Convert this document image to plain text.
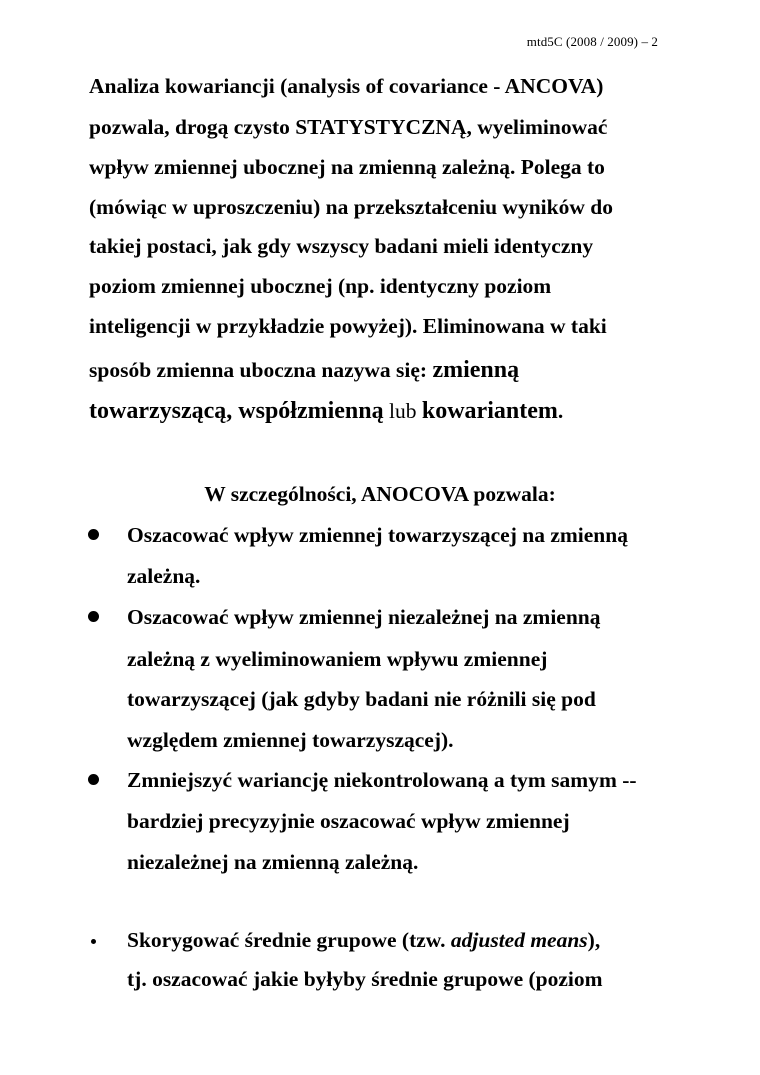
mtd5C (2008 / 2009) – 2
Analiza kowariancji (analysis of covariance - ANCOVA)
pozwala, drogą czysto STATYSTYCZNĄ, wyeliminować
wpływ zmiennej ubocznej na zmienną zależną. Polega to
(mówiąc w uproszczeniu) na przekształceniu wyników do
takiej postaci, jak gdy wszyscy badani mieli identyczny
poziom zmiennej ubocznej (np. identyczny poziom
inteligencji w przykładzie powyżej). Eliminowana w taki
sposób zmienna uboczna nazywa się: zmienną
towarzyszącą, współzmienną lub kowariantem.
W szczególności, ANOCOVA pozwala:
Oszacować wpływ zmiennej towarzyszącej na zmienną
zależną.
Oszacować wpływ zmiennej niezależnej na zmienną
zależną z wyeliminowaniem wpływu zmiennej
towarzyszącej (jak gdyby badani nie różnili się pod
względem zmiennej towarzyszącej).
Zmniejszyć wariancję niekontrolowaną a tym samym --
bardziej precyzyjnie oszacować wpływ zmiennej
niezależnej na zmienną zależną.
Skorygować średnie grupowe (tzw. adjusted means),
tj. oszacować jakie byłyby średnie grupowe (poziom
